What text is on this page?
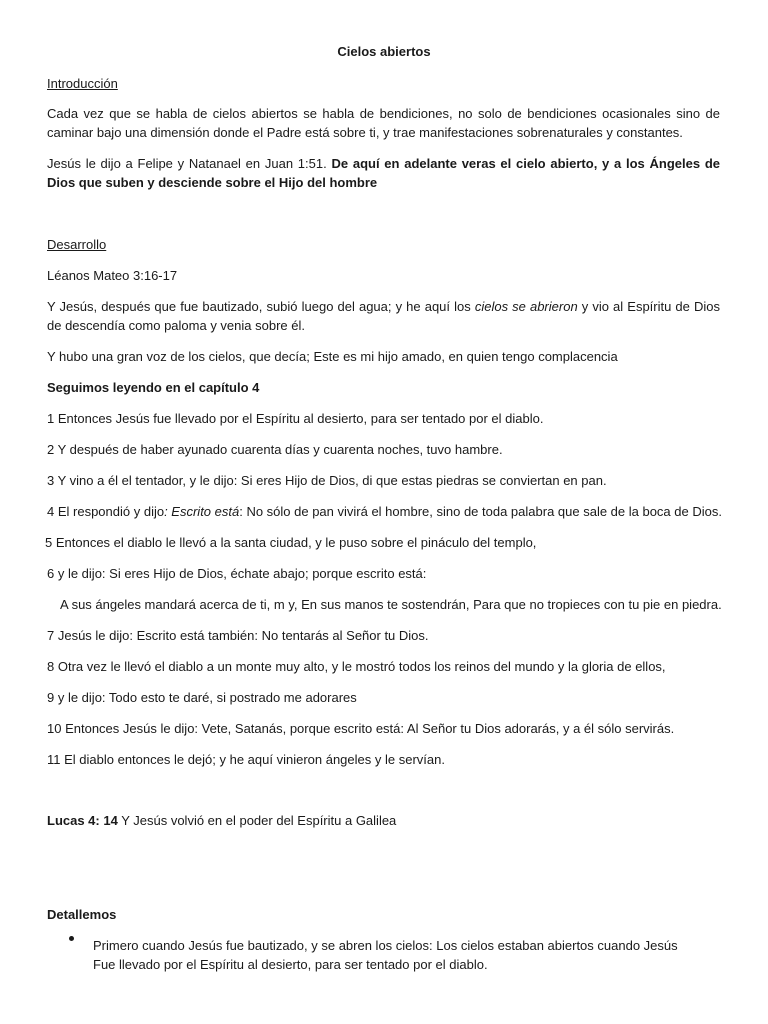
Cielos abiertos
Introducción
Cada vez que se habla de cielos abiertos se habla de bendiciones, no solo de bendiciones ocasionales sino de caminar bajo una dimensión donde el Padre está sobre ti, y trae manifestaciones sobrenaturales y constantes.
Jesús le dijo a Felipe y Natanael en Juan 1:51. De aquí en adelante veras el cielo abierto, y a los Ángeles de Dios que suben y desciende sobre el Hijo del hombre
Desarrollo
Léanos Mateo 3:16-17
Y Jesús, después que fue bautizado, subió luego del agua; y he aquí los cielos se abrieron y vio al Espíritu de Dios de descendía como paloma y venia sobre él.
Y hubo una gran voz de los cielos, que decía; Este es mi hijo amado, en quien tengo complacencia
Seguimos leyendo en el capítulo 4
1 Entonces Jesús fue llevado por el Espíritu al desierto, para ser tentado por el diablo.
2 Y después de haber ayunado cuarenta días y cuarenta noches, tuvo hambre.
3 Y vino a él el tentador, y le dijo: Si eres Hijo de Dios, di que estas piedras se conviertan en pan.
4 El respondió y dijo: Escrito está: No sólo de pan vivirá el hombre, sino de toda palabra que sale de la boca de Dios.
5 Entonces el diablo le llevó a la santa ciudad, y le puso sobre el pináculo del templo,
6 y le dijo: Si eres Hijo de Dios, échate abajo; porque escrito está:
A sus ángeles mandará acerca de ti, m y, En sus manos te sostendrán, Para que no tropieces con tu pie en piedra.
7 Jesús le dijo: Escrito está también: No tentarás al Señor tu Dios.
8 Otra vez le llevó el diablo a un monte muy alto, y le mostró todos los reinos del mundo y la gloria de ellos,
9 y le dijo: Todo esto te daré, si postrado me adorares
10 Entonces Jesús le dijo: Vete, Satanás, porque escrito está: Al Señor tu Dios adorarás, y a él sólo servirás.
11 El diablo entonces le dejó; y he aquí vinieron ángeles y le servían.
Lucas 4: 14 Y Jesús volvió en el poder del Espíritu a Galilea
Detallemos
Primero cuando Jesús fue bautizado, y se abren los cielos: Los cielos estaban abiertos cuando Jesús
Fue llevado por el Espíritu al desierto, para ser tentado por el diablo.
